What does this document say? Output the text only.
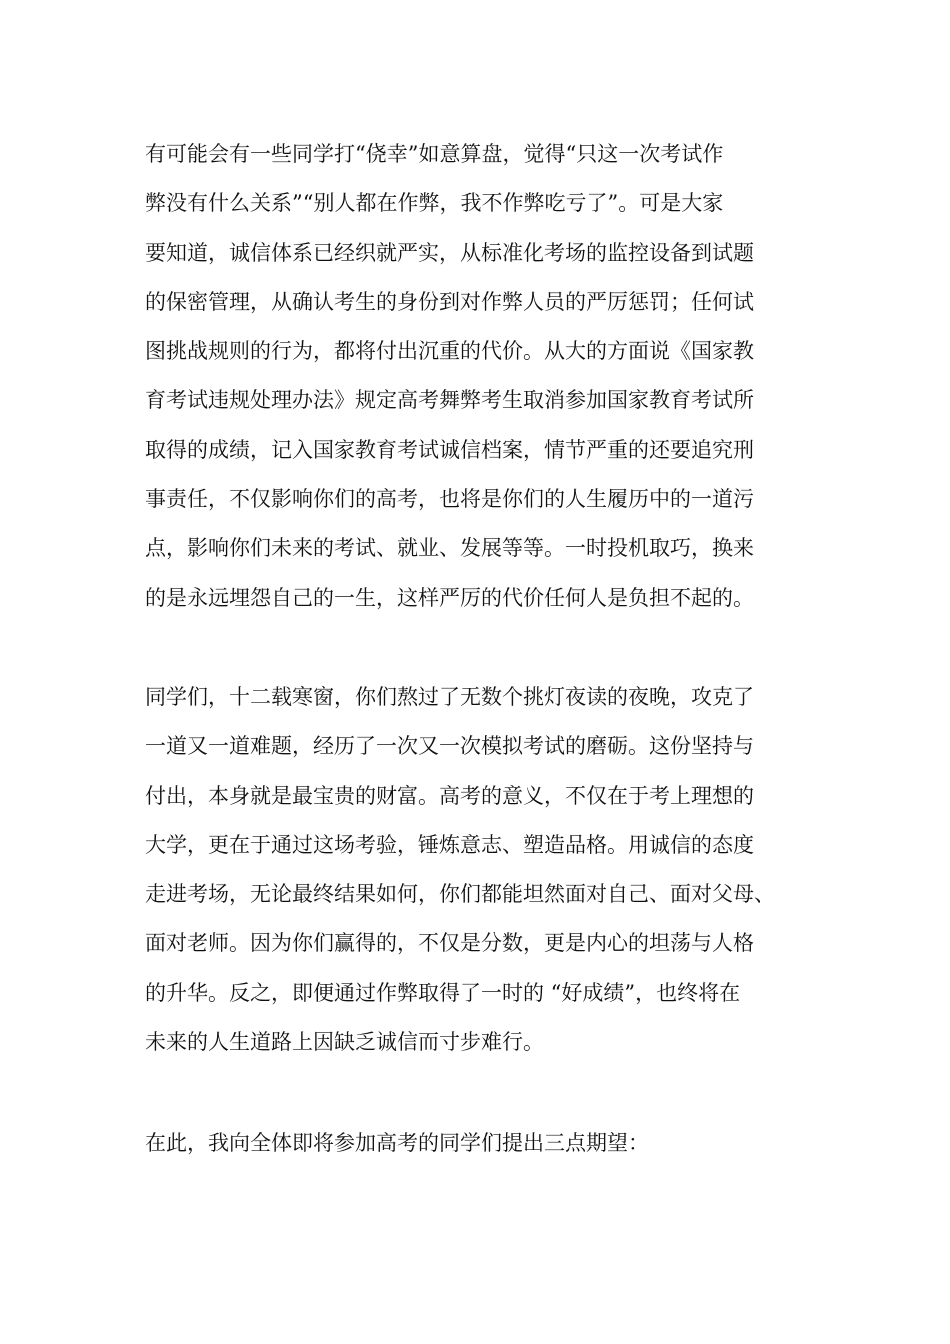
有可能会有一些同学打“侥幸”如意算盘，觉得“只这一次考试作
弊没有什么关系”“别人都在作弊，我不作弊吃亏了”。可是大家
要知道，诚信体系已经织就严实，从标准化考场的监控设备到试题
的保密管理，从确认考生的身份到对作弊人员的严厉惩罚；任何试
图挑战规则的行为，都将付出沉重的代价。从大的方面说《国家教
育考试违规处理办法》规定高考舞弊考生取消参加国家教育考试所
取得的成绩，记入国家教育考试诚信档案，情节严重的还要追究刑
事责任，不仅影响你们的高考，也将是你们的人生履历中的一道污
点，影响你们未来的考试、就业、发展等等。一时投机取巧，换来
的是永远埋怨自己的一生，这样严厉的代价任何人是负担不起的。
同学们，十二载寒窗，你们熬过了无数个挑灯夜读的夜晚，攻克了
一道又一道难题，经历了一次又一次模拟考试的磨砺。这份坚持与
付出，本身就是最宝贵的财富。高考的意义，不仅在于考上理想的
大学，更在于通过这场考验，锤炼意志、塑造品格。用诚信的态度
走进考场，无论最终结果如何，你们都能坦然面对自己、面对父母、
面对老师。因为你们赢得的，不仅是分数，更是内心的坦荡与人格
的升华。反之，即便通过作弊取得了一时的 “好成绩”，也终将在
未来的人生道路上因缺乏诚信而寸步难行。
在此，我向全体即将参加高考的同学们提出三点期望：
